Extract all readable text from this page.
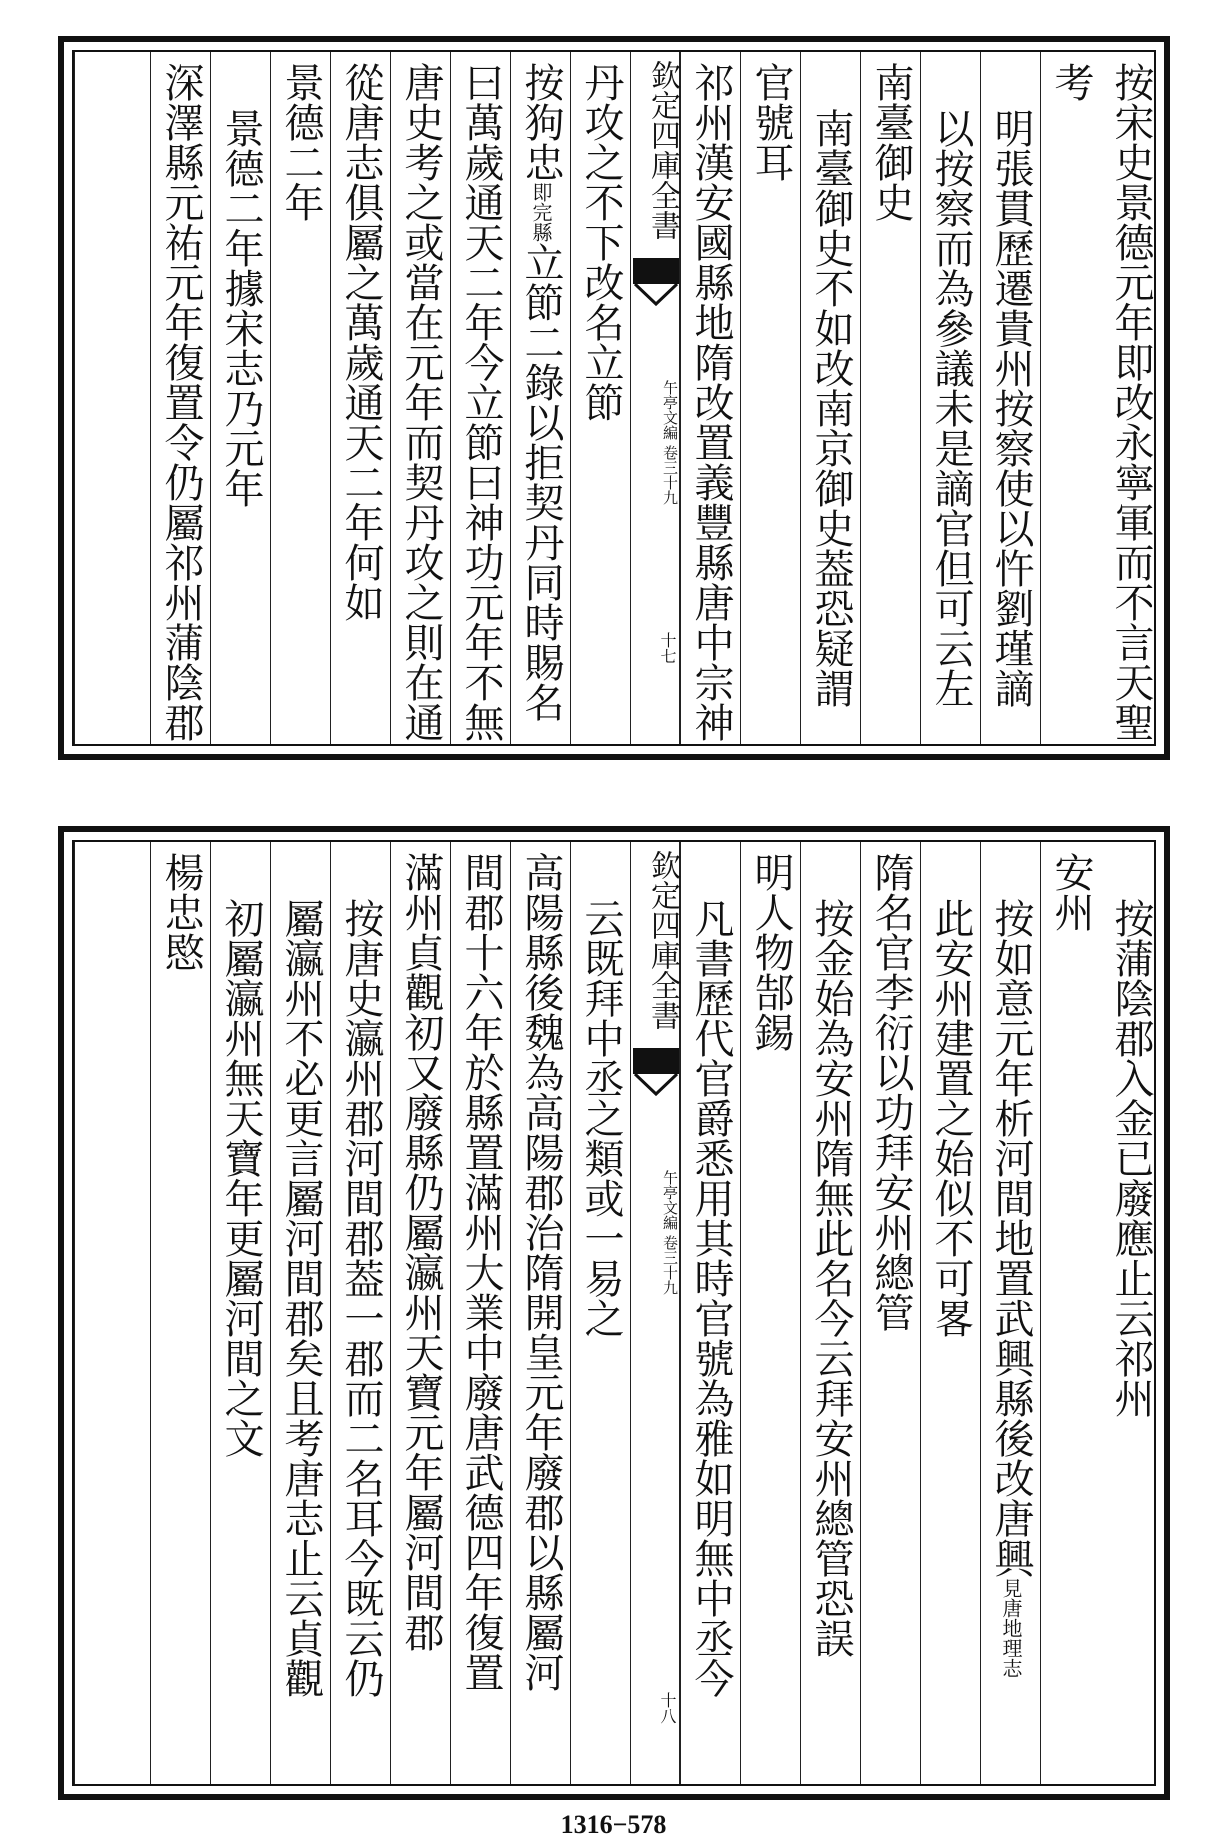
按宋史景德元年即改永寧軍而不言天聖
考
明張貫歷遷貴州按察使以忤劉瑾謫
以按察而為參議未是謫官但可云左
南臺御史
南臺御史不如改南京御史葢恐疑謂
官號耳
祁州漢安國縣地隋改置義豐縣唐中宗神
欽定四庫全書
午亭文編 卷三十九
十七
丹攻之不下改名立節
按狗忠即完縣立節二錄以拒契丹同時賜名
曰萬歲通天二年今立節曰神功元年不無
唐史考之或當在元年而契丹攻之則在通
從唐志俱屬之萬歲通天二年何如
景德二年
景德二年據宋志乃元年
深澤縣元祐元年復置令仍屬祁州蒲陰郡
按蒲陰郡入金已廢應止云祁州
安州
按如意元年析河間地置武興縣後改唐興見唐地理志
此安州建置之始似不可畧
隋名官李衍以功拜安州總管
按金始為安州隋無此名今云拜安州總管恐誤
明人物郜錫
凡書歷代官爵悉用其時官號為雅如明無中丞今
欽定四庫全書
午亭文編 卷三十九
十八
云既拜中丞之類或一易之
高陽縣後魏為高陽郡治隋開皇元年廢郡以縣屬河
間郡十六年於縣置滿州大業中廢唐武德四年復置
滿州貞觀初又廢縣仍屬瀛州天寶元年屬河間郡
按唐史瀛州郡河間郡葢一郡而二名耳今既云仍
屬瀛州不必更言屬河間郡矣且考唐志止云貞觀
初屬瀛州無天寶年更屬河間之文
楊忠愍
1316−578
